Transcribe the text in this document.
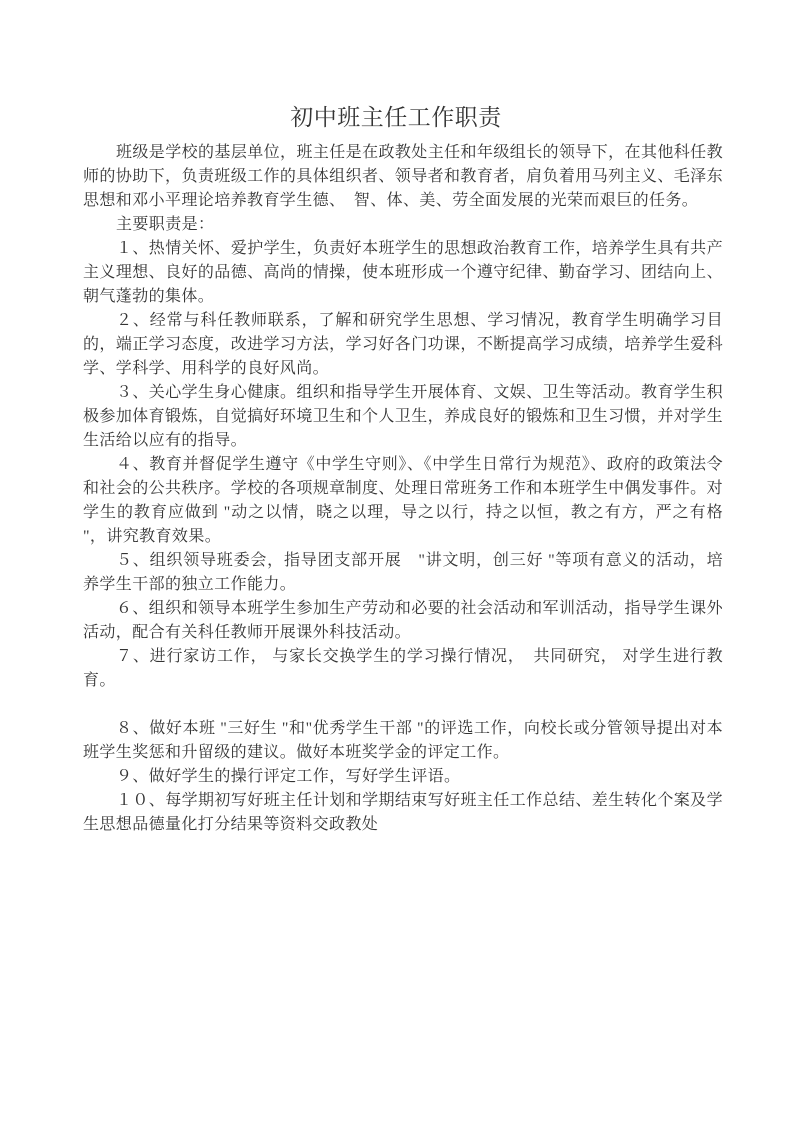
初中班主任工作职责

班级是学校的基层单位，班主任是在政教处主任和年级组长的领导下，在其他科任教师的协助下，负责班级工作的具体组织者、领导者和教育者，肩负着用马列主义、毛泽东思想和邓小平理论培养教育学生德、　智、体、美、劳全面发展的光荣而艰巨的任务。

主要职责是：

１、热情关怀、爱护学生，负责好本班学生的思想政治教育工作，培养学生具有共产主义理想、良好的品德、高尚的情操，使本班形成一个遵守纪律、勤奋学习、团结向上、朝气蓬勃的集体。

２、经常与科任教师联系，了解和研究学生思想、学习情况，教育学生明确学习目的，端正学习态度，改进学习方法，学习好各门功课，不断提高学习成绩，培养学生爱科学、学科学、用科学的良好风尚。

３、关心学生身心健康。组织和指导学生开展体育、文娱、卫生等活动。教育学生积极参加体育锻炼，自觉搞好环境卫生和个人卫生，养成良好的锻炼和卫生习惯，并对学生生活给以应有的指导。

４、教育并督促学生遵守《中学生守则》、《中学生日常行为规范》、政府的政策法令和社会的公共秩序。学校的各项规章制度、处理日常班务工作和本班学生中偶发事件。对学生的教育应做到 "动之以情，晓之以理，导之以行，持之以恒，教之有方，严之有格 "，讲究教育效果。

５、组织领导班委会，指导团支部开展　"讲文明，创三好 "等项有意义的活动，培养学生干部的独立工作能力。

６、组织和领导本班学生参加生产劳动和必要的社会活动和军训活动，指导学生课外活动，配合有关科任教师开展课外科技活动。

７、进行家访工作， 与家长交换学生的学习操行情况，　共同研究， 对学生进行教育。

８、做好本班 "三好生 "和"优秀学生干部 "的评选工作，向校长或分管领导提出对本班学生奖惩和升留级的建议。做好本班奖学金的评定工作。

９、做好学生的操行评定工作，写好学生评语。

１０、每学期初写好班主任计划和学期结束写好班主任工作总结、差生转化个案及学生思想品德量化打分结果等资料交政教处
